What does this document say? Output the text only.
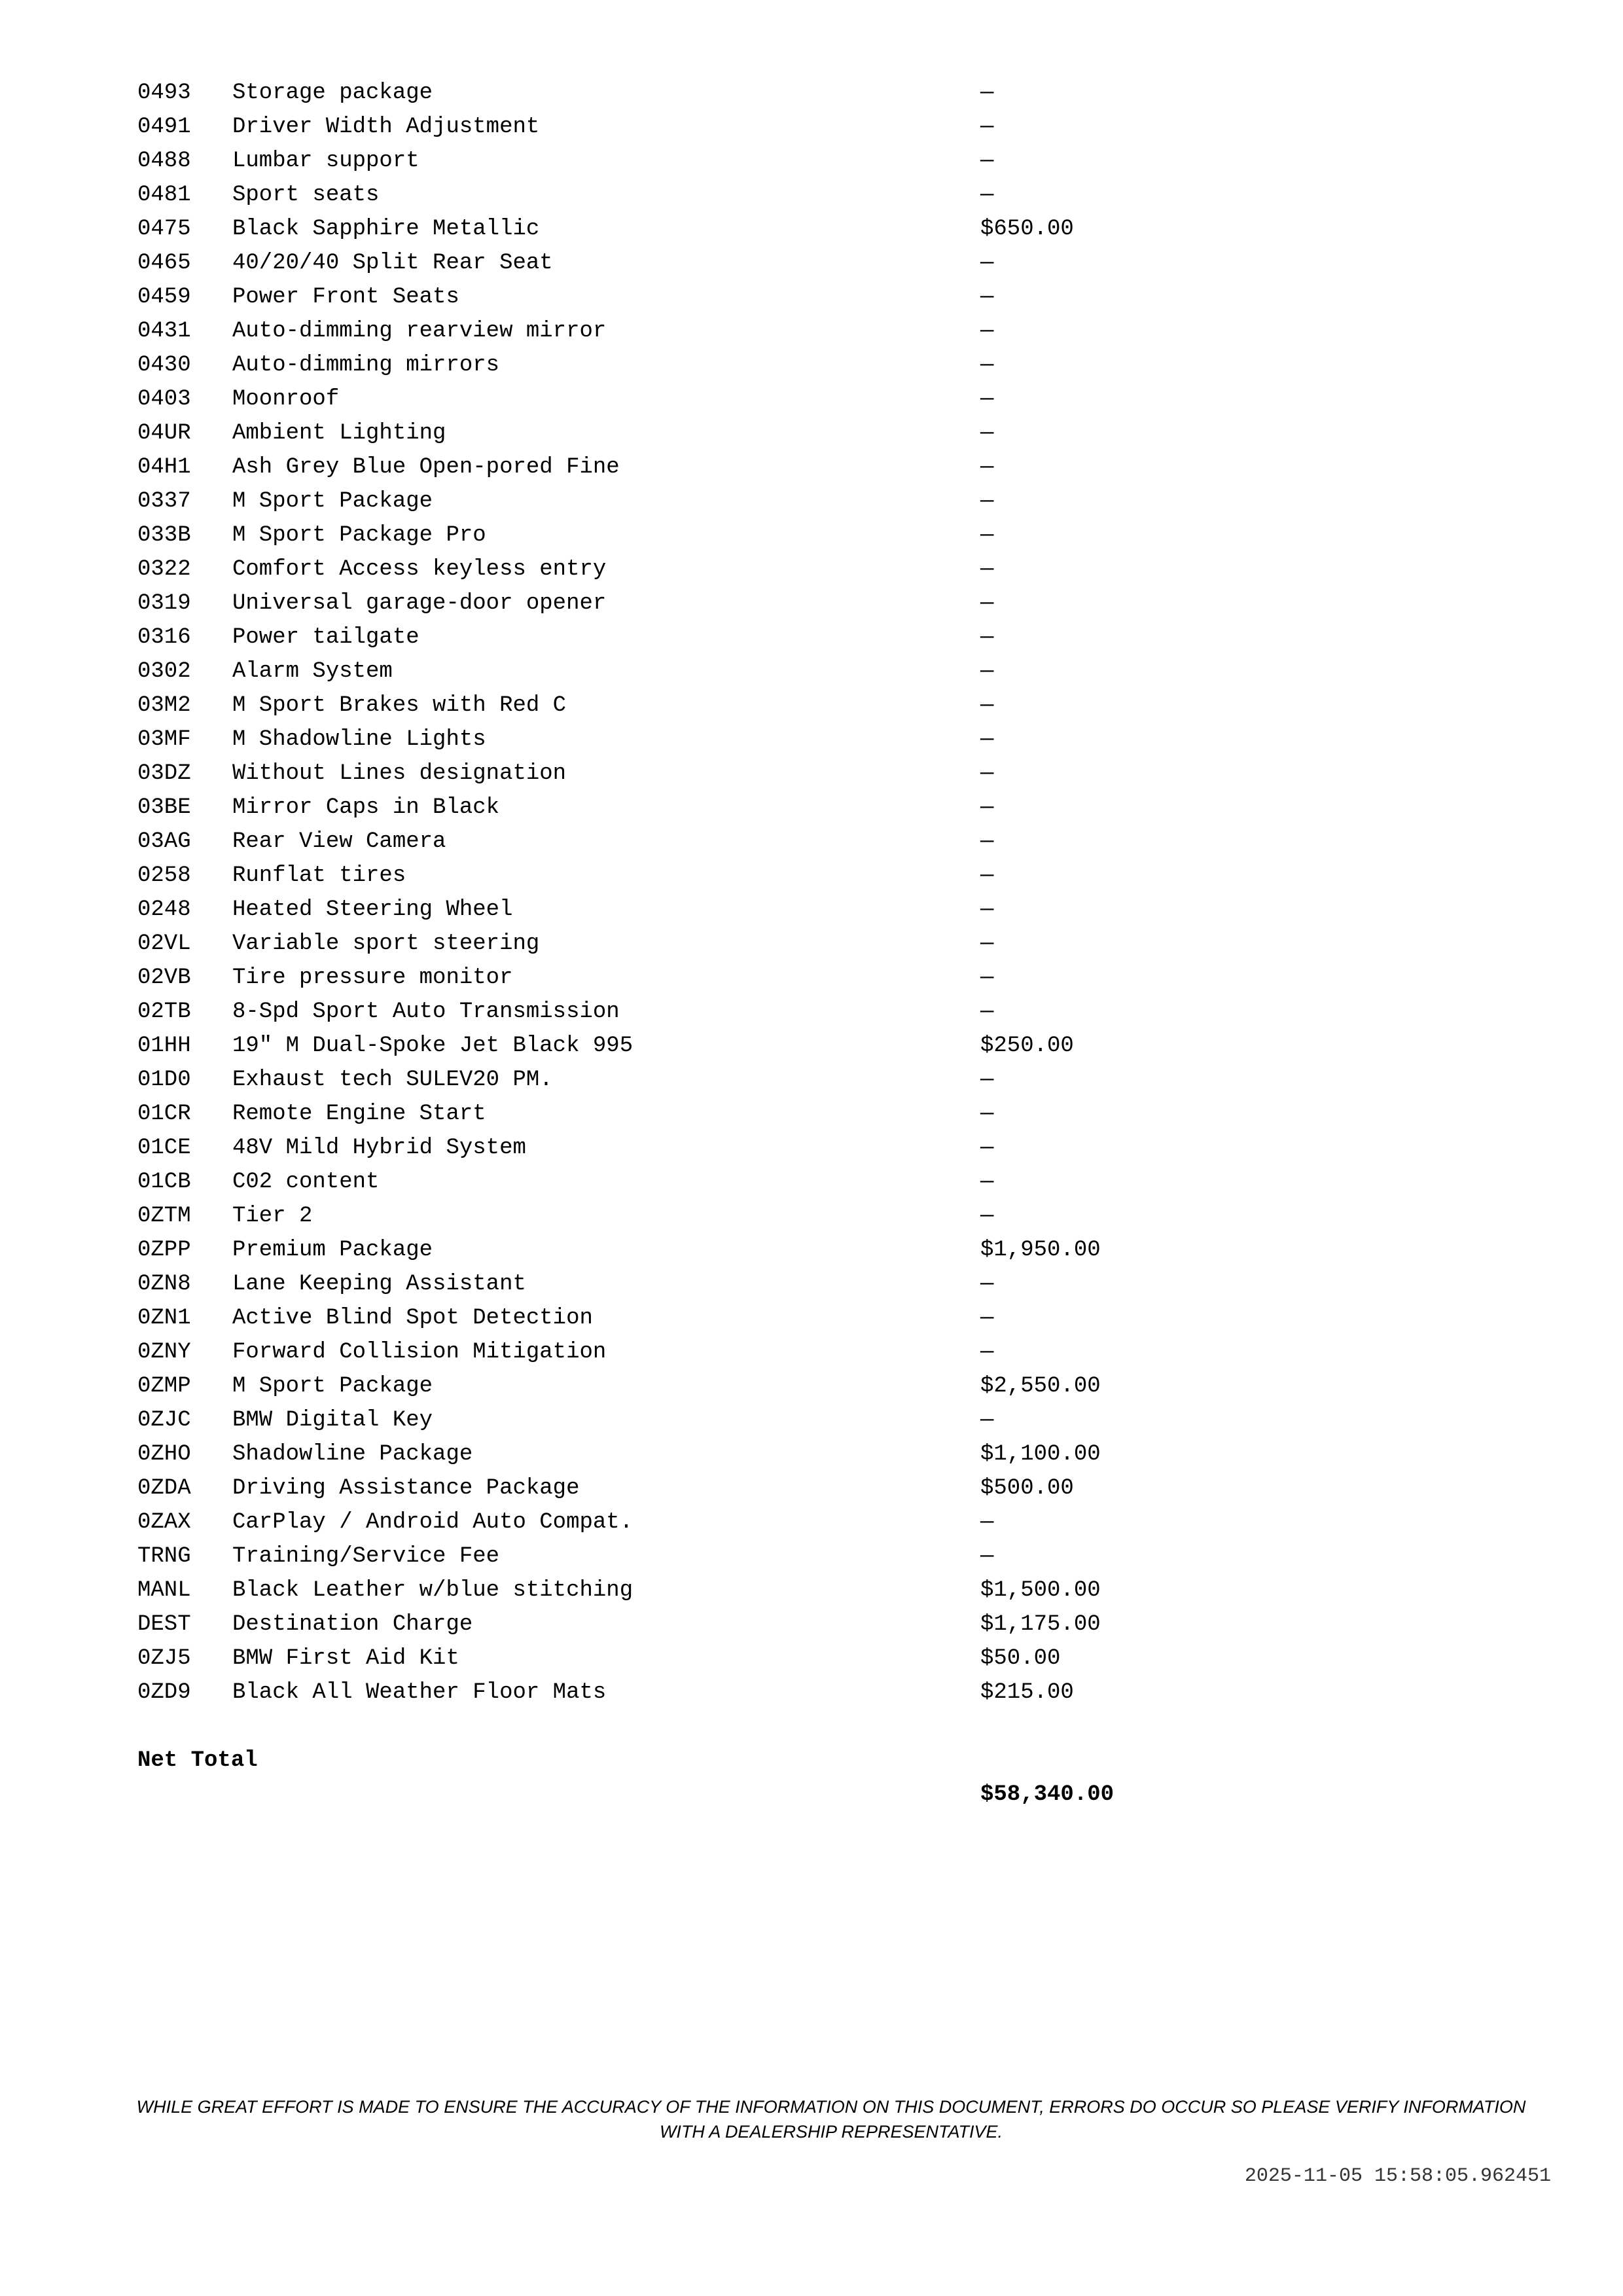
0493 Storage package	—
0491 Driver Width Adjustment	—
0488 Lumbar support	—
0481 Sport seats	—
0475 Black Sapphire Metallic	$650.00
0465 40/20/40 Split Rear Seat	—
0459 Power Front Seats	—
0431 Auto-dimming rearview mirror	—
0430 Auto-dimming mirrors	—
0403 Moonroof	—
04UR Ambient Lighting	—
04H1 Ash Grey Blue Open-pored Fine	—
0337 M Sport Package	—
033B M Sport Package Pro	—
0322 Comfort Access keyless entry	—
0319 Universal garage-door opener	—
0316 Power tailgate	—
0302 Alarm System	—
03M2 M Sport Brakes with Red C	—
03MF M Shadowline Lights	—
03DZ Without Lines designation	—
03BE Mirror Caps in Black	—
03AG Rear View Camera	—
0258 Runflat tires	—
0248 Heated Steering Wheel	—
02VL Variable sport steering	—
02VB Tire pressure monitor	—
02TB 8-Spd Sport Auto Transmission	—
01HH 19" M Dual-Spoke Jet Black 995	$250.00
01D0 Exhaust tech SULEV20 PM.	—
01CR Remote Engine Start	—
01CE 48V Mild Hybrid System	—
01CB C02 content	—
0ZTM Tier 2	—
0ZPP Premium Package	$1,950.00
0ZN8 Lane Keeping Assistant	—
0ZN1 Active Blind Spot Detection	—
0ZNY Forward Collision Mitigation	—
0ZMP M Sport Package	$2,550.00
0ZJC BMW Digital Key	—
0ZHO Shadowline Package	$1,100.00
0ZDA Driving Assistance Package	$500.00
0ZAX CarPlay / Android Auto Compat.	—
TRNG Training/Service Fee	—
MANL Black Leather w/blue stitching	$1,500.00
DEST Destination Charge	$1,175.00
0ZJ5 BMW First Aid Kit	$50.00
0ZD9 Black All Weather Floor Mats	$215.00

Net Total

$58,340.00

WHILE GREAT EFFORT IS MADE TO ENSURE THE ACCURACY OF THE INFORMATION ON THIS DOCUMENT, ERRORS DO OCCUR SO PLEASE VERIFY INFORMATION WITH A DEALERSHIP REPRESENTATIVE.
2025-11-05 15:58:05.962451
